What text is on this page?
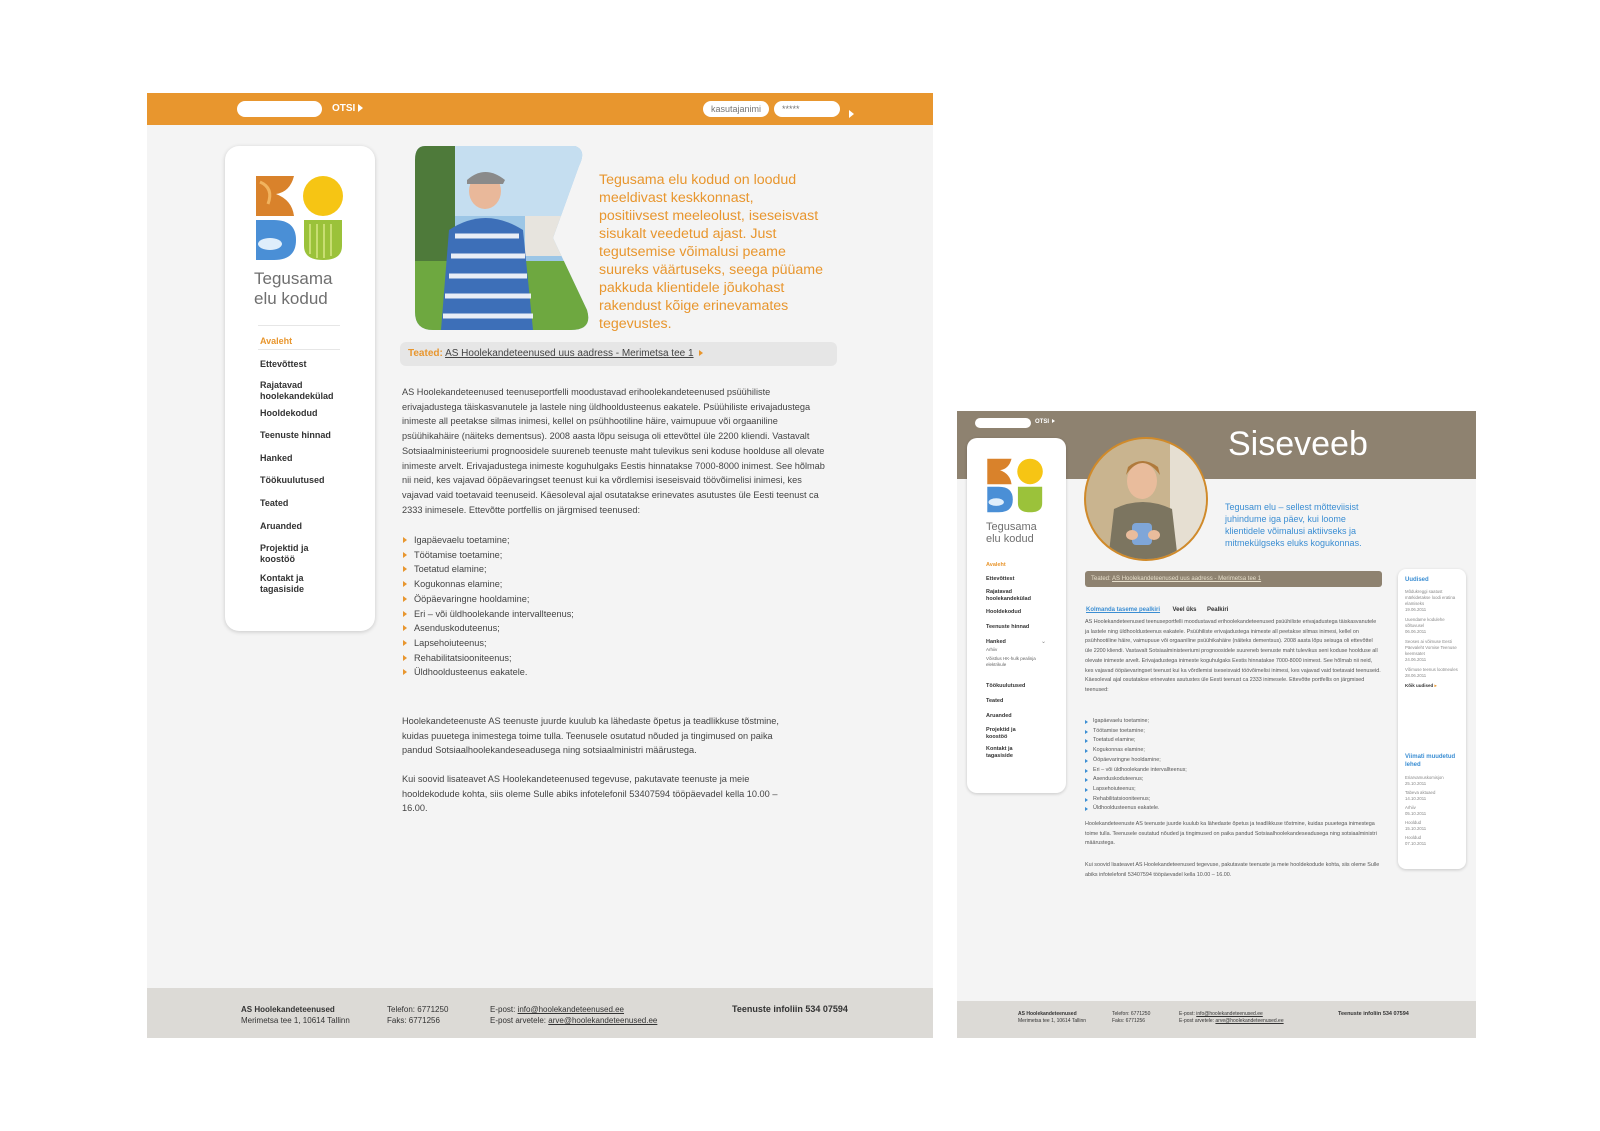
OTSI
kasutajanimi
*****
Tegusama
elu kodud
Avaleht
Ettevõttest
Rajatavad hoolekandekülad
Hooldekodud
Teenuste hinnad
Hanked
Töökuulutused
Teated
Aruanded
Projektid ja koostöö
Kontakt ja tagasiside
Tegusama elu kodud on loodud meeldivast keskkonnast, positiivsest meeleolust, iseseisvast sisukalt veedetud ajast. Just tegutsemise võimalusi peame suureks väärtuseks, seega püüame pakkuda klientidele jõukohast rakendust kõige erinevamates tegevustes.
Teated: AS Hoolekandeteenused uus aadress - Merimetsa tee 1
AS Hoolekandeteenused teenuseportfelli moodustavad erihoolekandeteenused psüühiliste erivajadustega täiskasvanutele ja lastele ning üldhooldusteenus eakatele. Psüühiliste erivajadustega inimeste all peetakse silmas inimesi, kellel on psühhootiline häire, vaimupuue või orgaaniline psüühikahäire (näiteks dementsus). 2008 aasta lõpu seisuga oli ettevõttel üle 2200 kliendi. Vastavalt Sotsiaalministeeriumi prognoosidele suureneb teenuste maht tulevikus seni koduse hoolduse all olevate inimeste arvelt. Erivajadustega inimeste koguhulgaks Eestis hinnatakse 7000-8000 inimest. See hõlmab nii neid, kes vajavad ööpäevaringset teenust kui ka võrdlemisi iseseisvaid töövõimelisi inimesi, kes vajavad vaid toetavaid teenuseid. Käesoleval ajal osutatakse erinevates asutustes üle Eesti teenust ca 2333 inimesele. Ettevõtte portfellis on järgmised teenused:
Igapäevaelu toetamine;
Töötamise toetamine;
Toetatud elamine;
Kogukonnas elamine;
Ööpäevaringne hooldamine;
Eri – või üldhoolekande intervallteenus;
Asenduskoduteenus;
Lapsehoiuteenus;
Rehabilitatsiooniteenus;
Üldhooldusteenus eakatele.
Hoolekandeteenuste AS teenuste juurde kuulub ka lähedaste õpetus ja teadlikkuse tõstmine, kuidas puuetega inimestega toime tulla. Teenusele osutatud nõuded ja tingimused on paika pandud Sotsiaalhoolekandeseadusega ning sotsiaalministri määrustega.
Kui soovid lisateavet AS Hoolekandeteenused tegevuse, pakutavate teenuste ja meie hooldekodude kohta, siis oleme Sulle abiks infotelefonil 53407594 tööpäevadel kella 10.00 – 16.00.
AS Hoolekandeteenused
Merimetsa tee 1, 10614 Tallinn
Telefon: 6771250
Faks: 6771256
E-post: info@hoolekandeteenused.ee
E-post arvetele: arve@hoolekandeteenused.ee
Teenuste infoliin 534 07594
OTSI
Siseveeb
Tegusama
elu kodud
Avaleht
Ettevõttest
Rajatavad hoolekandekülad
Hooldekodud
Teenuste hinnad
Hanked	⌄
Arhiiv
Võistlus HK-hulk pealinja elektrikule
Töökuulutused
Teated
Aruanded
Projektid ja koostöö
Kontakt ja tagasiside
Tegusam elu – sellest mõtteviisist juhindume iga päev, kui loome klientidele võimalusi aktiivseks ja mitmekülgseks eluks kogukonnas.
Teated: AS Hoolekandeteenused uus aadress - Merimetsa tee 1
Kolmanda taseme pealkiri Veel üks Pealkiri
AS Hoolekandeteenused teenuseportfelli moodustavad erihoolekandeteenused psüühiliste erivajadustega täiskasvanutele ja lastele ning üldhooldusteenus eakatele. Psüühiliste erivajadustega inimeste all peetakse silmas inimesi, kellel on psühhootiline häire, vaimupuue või orgaaniline psüühikahäire (näiteks dementsus). 2008 aasta lõpu seisuga oli ettevõttel üle 2200 kliendi. Vastavalt Sotsiaalministeeriumi prognoosidele suureneb teenuste maht tulevikus seni koduse hoolduse all olevate inimeste arvelt. Erivajadustega inimeste koguhulgaks Eestis hinnatakse 7000-8000 inimest. See hõlmab nii neid, kes vajavad ööpäevaringset teenust kui ka võrdlemisi iseseisvaid töövõimelisi inimesi, kes vajavad vaid toetavaid teenuseid. Käesoleval ajal osutatakse erinevates asutustes üle Eesti teenust ca 2333 inimesele. Ettevõtte portfellis on järgmised teenused:
Igapäevaelu toetamine;
Töötamise toetamine;
Toetatud elamine;
Kogukonnas elamine;
Ööpäevaringne hooldamine;
Eri – või üldhoolekande intervallteenus;
Asenduskoduteenus;
Lapsehoiuteenus;
Rehabilitatsiooniteenus;
Üldhooldusteenus eakatele.
Hoolekandeteenuste AS teenuste juurde kuulub ka lähedaste õpetus ja teadlikkuse tõstmine, kuidas puuetega inimestega toime tulla. Teenusele osutatud nõuded ja tingimused on paika pandud Sotsiaalhoolekandeseadusega ning sotsiaalministri määrustega.
Kui soovid lisateavet AS Hoolekandeteenused tegevuse, pakutavate teenuste ja meie hooldekodude kohta, siis oleme Sulle abiks infotelefonil 53407594 tööpäevadel kella 10.00 – 16.00.
Uudised
Mõdukreggi saatust märkidetakse loodi eratina elamiseks
19.06.2011
Uuendame kodulehe sõltuvusel
06.06.2011
Seoses ai võimuse Eesti Päevaleht Vomise Teenuse keemsatet
24.06.2011
Võimuse teenus lootmeules
28.06.2011
Kõik uudised ▸
Viimati muudetud lehed
Eriarvamuskomisjon
25.10.2011
Tabeva aktuaed
14.10.2011
Arhiiv
05.10.2011
Hooldud
15.10.2011
Hooldud
07.10.2011
AS Hoolekandeteenused
Merimetsa tee 1, 10614 Tallinn
Telefon: 6771250
Faks: 6771256
E-post: info@hoolekandeteenused.ee
E-post arvetele: arve@hoolekandeteenused.ee
Teenuste infoliin 534 07594
